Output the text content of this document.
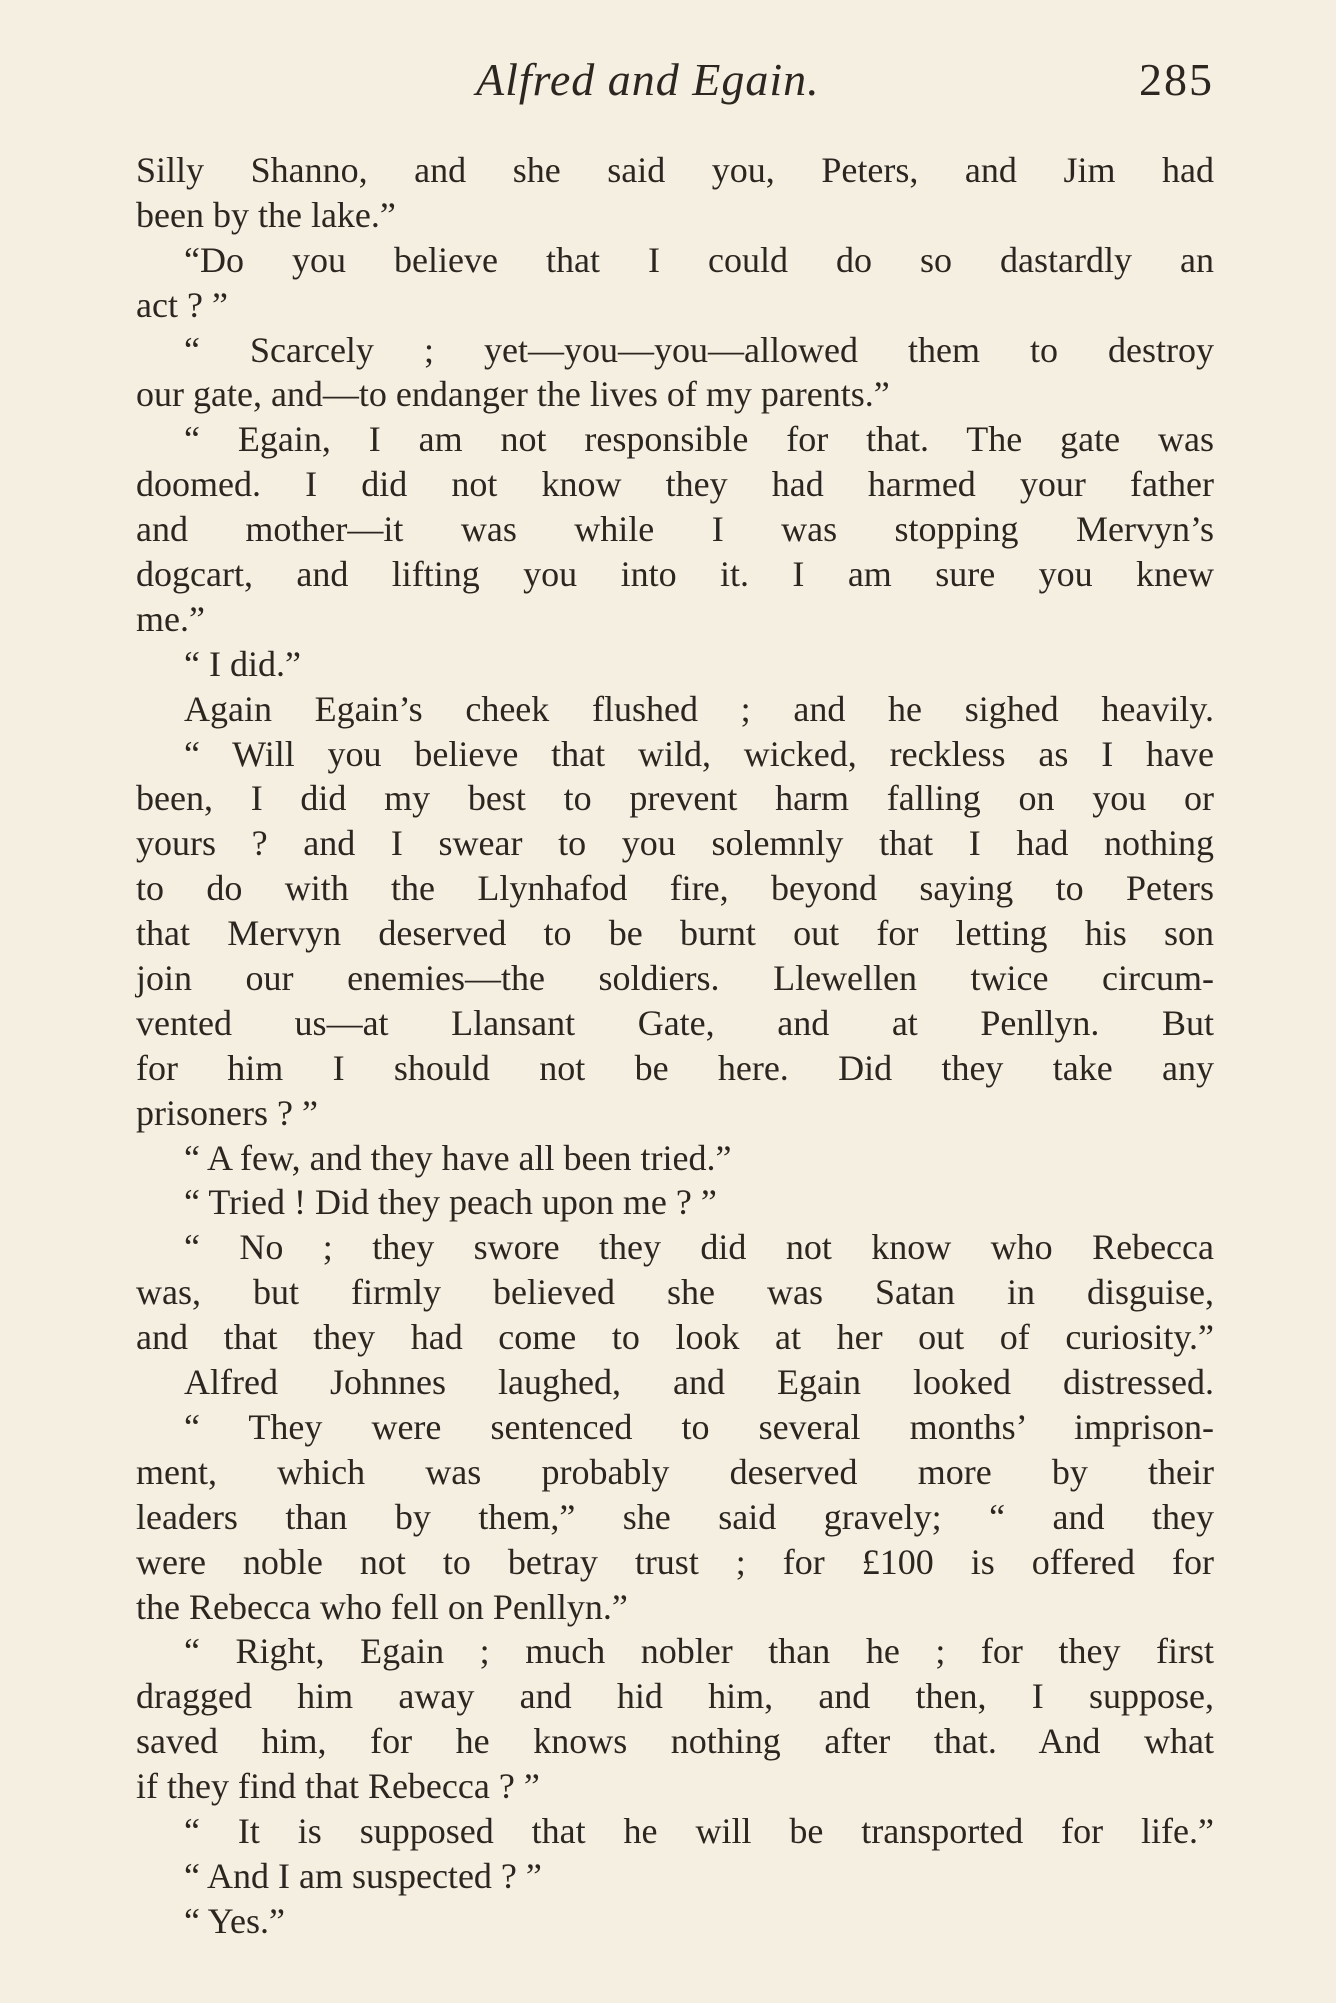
Alfred and Egain.	285
Silly Shanno, and she said you, Peters, and Jim had
been by the lake.”
“Do you believe that I could do so dastardly an
act ? ”
“ Scarcely ; yet—you—you—allowed them to destroy
our gate, and—to endanger the lives of my parents.”
“ Egain, I am not responsible for that. The gate was
doomed. I did not know they had harmed your father
and mother—it was while I was stopping Mervyn’s
dogcart, and lifting you into it. I am sure you knew
me.”
“ I did.”
Again Egain’s cheek flushed ; and he sighed heavily.
“ Will you believe that wild, wicked, reckless as I have
been, I did my best to prevent harm falling on you or
yours ? and I swear to you solemnly that I had nothing
to do with the Llynhafod fire, beyond saying to Peters
that Mervyn deserved to be burnt out for letting his son
join our enemies—the soldiers. Llewellen twice circum-
vented us—at Llansant Gate, and at Penllyn. But
for him I should not be here. Did they take any
prisoners ? ”
“ A few, and they have all been tried.”
“ Tried ! Did they peach upon me ? ”
“ No ; they swore they did not know who Rebecca
was, but firmly believed she was Satan in disguise,
and that they had come to look at her out of curiosity.”
Alfred Johnnes laughed, and Egain looked distressed.
“ They were sentenced to several months’ imprison-
ment, which was probably deserved more by their
leaders than by them,” she said gravely; “ and they
were noble not to betray trust ; for £100 is offered for
the Rebecca who fell on Penllyn.”
“ Right, Egain ; much nobler than he ; for they first
dragged him away and hid him, and then, I suppose,
saved him, for he knows nothing after that. And what
if they find that Rebecca ? ”
“ It is supposed that he will be transported for life.”
“ And I am suspected ? ”
“ Yes.”
